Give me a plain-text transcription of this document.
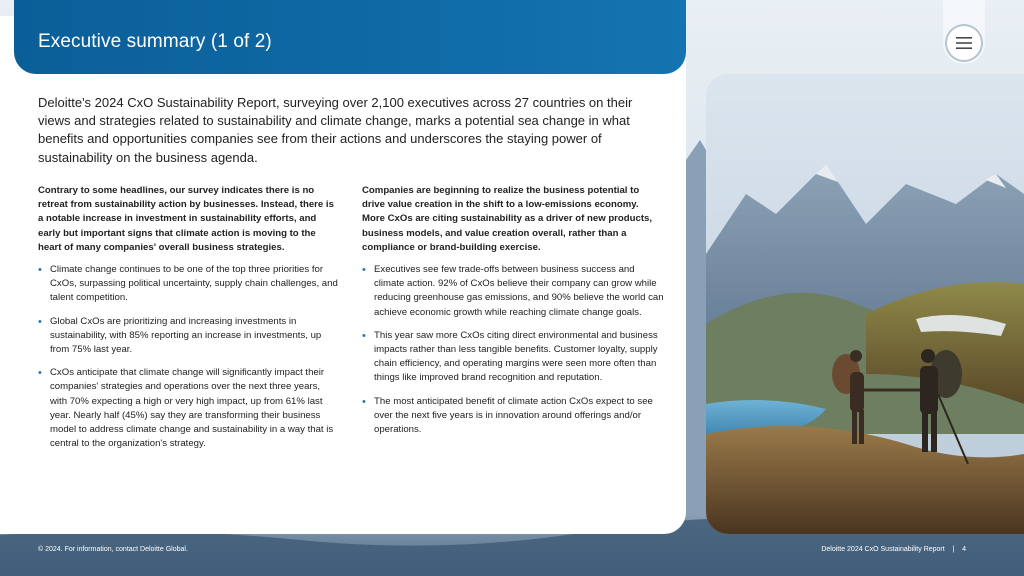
Executive summary (1 of 2)

Deloitte's 2024 CxO Sustainability Report, surveying over 2,100 executives across 27 countries on their views and strategies related to sustainability and climate change, marks a potential sea change in what benefits and opportunities companies see from their actions and underscores the staying power of sustainability on the business agenda.

Contrary to some headlines, our survey indicates there is no retreat from sustainability action by businesses. Instead, there is a notable increase in investment in sustainability efforts, and early but important signs that climate action is moving to the heart of many companies' overall business strategies.

• Climate change continues to be one of the top three priorities for CxOs, surpassing political uncertainty, supply chain challenges, and talent competition.
• Global CxOs are prioritizing and increasing investments in sustainability, with 85% reporting an increase in investments, up from 75% last year.
• CxOs anticipate that climate change will significantly impact their companies' strategies and operations over the next three years, with 70% expecting a high or very high impact, up from 61% last year. Nearly half (45%) say they are transforming their business model to address climate change and sustainability in a way that is central to the organization's strategy.

Companies are beginning to realize the business potential to drive value creation in the shift to a low-emissions economy. More CxOs are citing sustainability as a driver of new products, business models, and value creation overall, rather than a compliance or brand-building exercise.

• Executives see few trade-offs between business success and climate action. 92% of CxOs believe their company can grow while reducing greenhouse gas emissions, and 90% believe the world can achieve economic growth while reaching climate change goals.
• This year saw more CxOs citing direct environmental and business impacts rather than less tangible benefits. Customer loyalty, supply chain efficiency, and operating margins were seen more often than things like improved brand recognition and reputation.
• The most anticipated benefit of climate action CxOs expect to see over the next five years is in innovation around offerings and/or operations.
© 2024. For information, contact Deloitte Global.	Deloitte 2024 CxO Sustainability Report | 4
